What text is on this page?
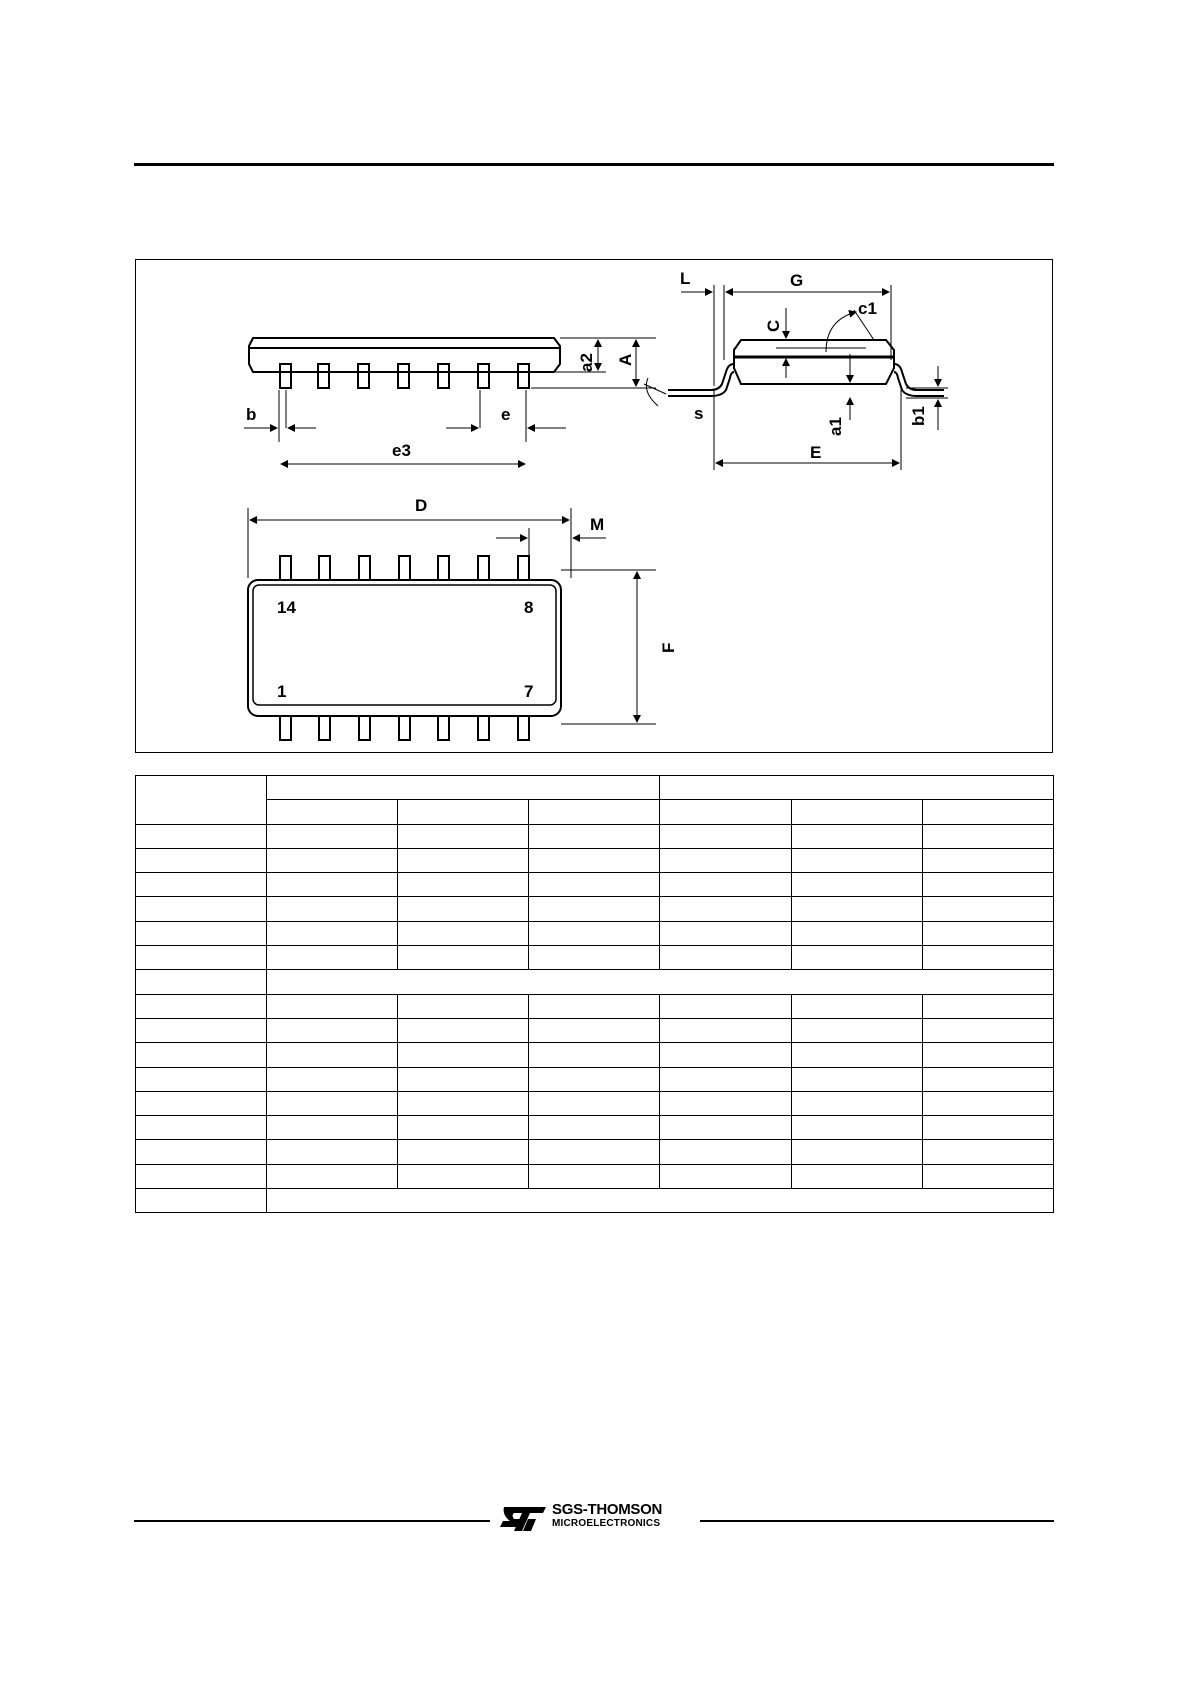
b	e
e3
a2 A
D
M
F
14	8
1	7
L	G
C
c1
a1
b1
s
E

SGS-THOMSON
MICROELECTRONICS
